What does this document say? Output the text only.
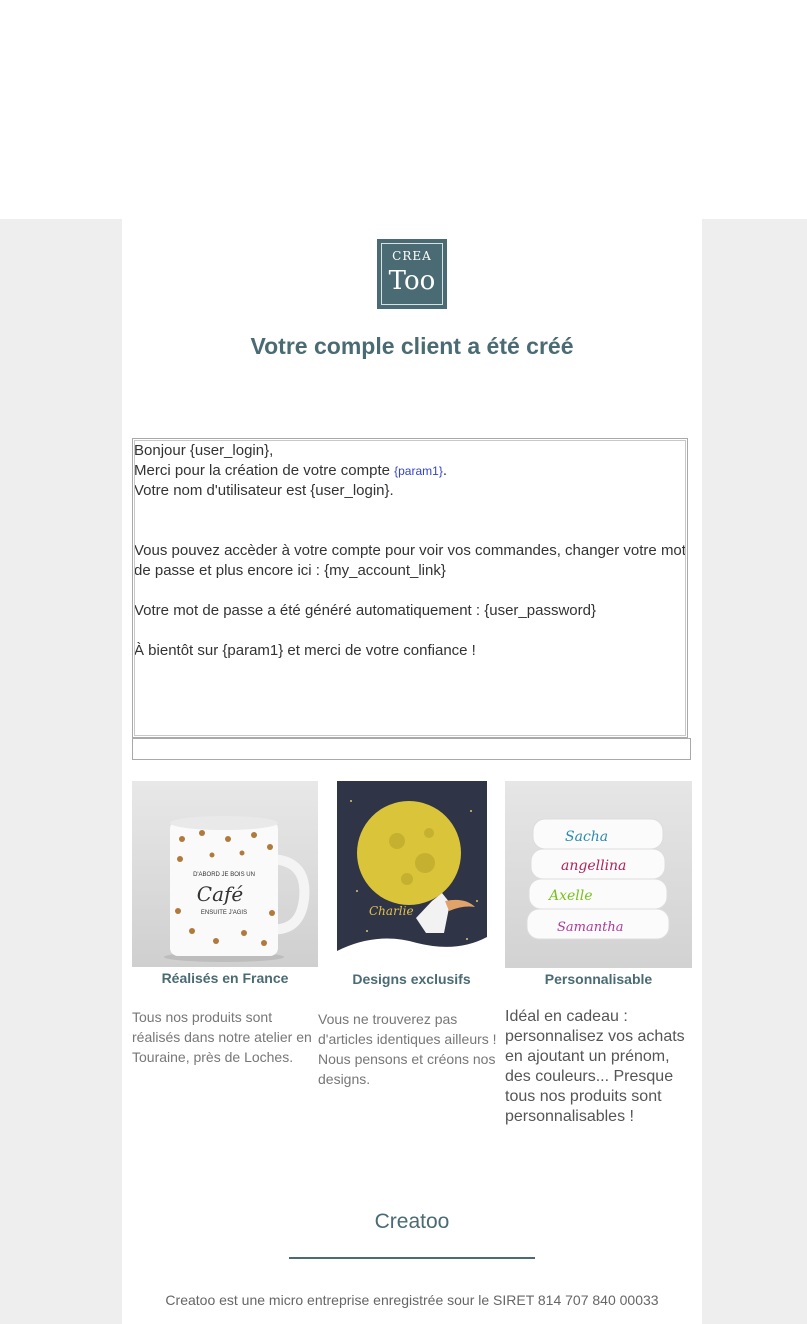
CREA
Too
Votre comple client a été créé

Bonjour {user_login},

Merci pour la création de votre compte {param1}.

Votre nom d'utilisateur est {user_login}.

Vous pouvez accèder à votre compte pour voir vos commandes, changer votre mot de passe et plus encore ici : {my_account_link}

Votre mot de passe a été généré automatiquement : {user_password}

À bientôt sur {param1} et merci de votre confiance !

D'ABORD JE BOIS UN
Café
ENSUITE J'AGIS	Charlie
Sacha
angellina
Axelle
Samantha
Réalisés en France	Designs exclusifs	Personnalisable
Tous nos produits sont réalisés dans notre atelier en Touraine, près de Loches.
Vous ne trouverez pas d'articles identiques ailleurs ! Nous pensons et créons nos designs.
Idéal en cadeau : personnalisez vos achats en ajoutant un prénom, des couleurs... Presque tous nos produits sont personnalisables !
Creatoo
Creatoo est une micro entreprise enregistrée sour le SIRET 814 707 840 00033
